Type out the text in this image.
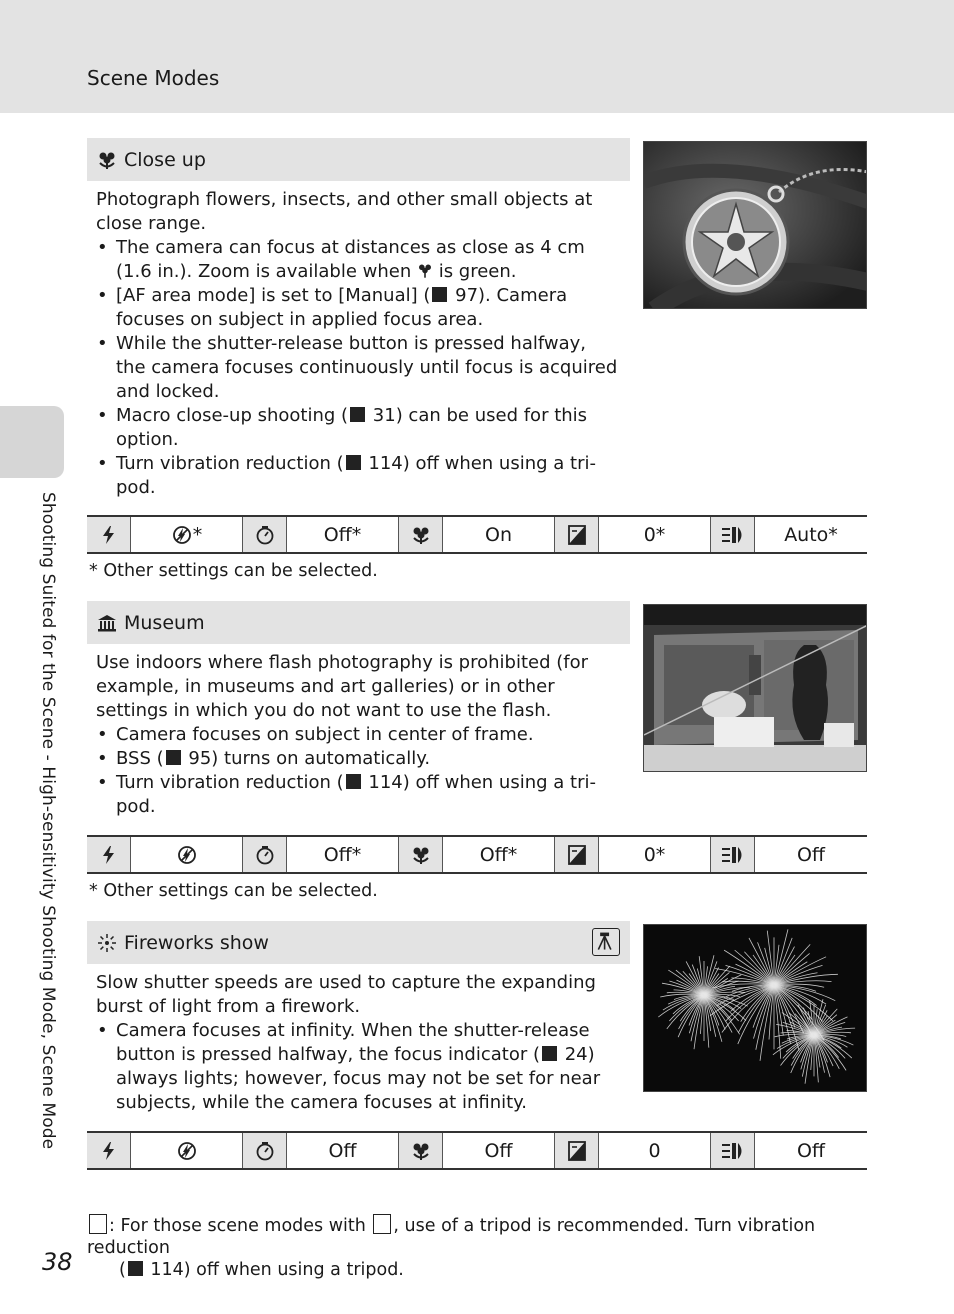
Scene Modes
Shooting Suited for the Scene - High-sensitivity Shooting Mode, Scene Mode
Close up

Photograph flowers, insects, and other small objects at close range.

• The camera can focus at distances as close as 4 cm (1.6 in.). Zoom is available when  is green.
• [AF area mode] is set to [Manual] ( 97). Camera focuses on subject in applied focus area.
• While the shutter-release button is pressed halfway, the camera focuses continuously until focus is acquired and locked.
• Macro close-up shooting ( 31) can be used for this option.
• Turn vibration reduction ( 114) off when using a tri-pod.
*	Off*	On	0*	Auto*
* Other settings can be selected.
Museum

Use indoors where flash photography is prohibited (for example, in museums and art galleries) or in other settings in which you do not want to use the flash.

• Camera focuses on subject in center of frame.
• BSS ( 95) turns on automatically.
• Turn vibration reduction ( 114) off when using a tri-pod.
Off*	Off*	0*	Off
* Other settings can be selected.
Fireworks show

Slow shutter speeds are used to capture the expanding burst of light from a firework.

• Camera focuses at infinity. When the shutter-release button is pressed halfway, the focus indicator ( 24) always lights; however, focus may not be set for near subjects, while the camera focuses at infinity.
Off	Off	0	Off
: For those scene modes with , use of a tripod is recommended. Turn vibration reduction
( 114) off when using a tripod.
38
